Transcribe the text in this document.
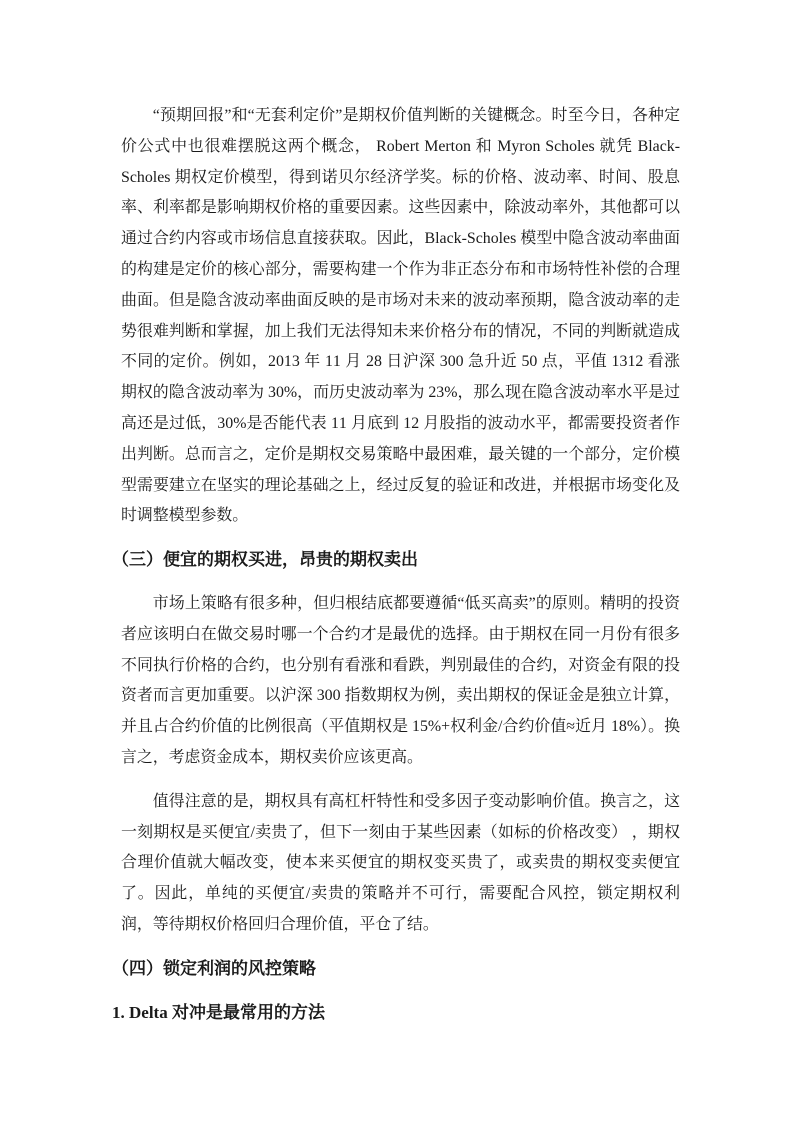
“预期回报”和“无套利定价”是期权价值判断的关键概念。时至今日，各种定价公式中也很难摆脱这两个概念， Robert Merton 和 Myron Scholes 就凭 Black-Scholes 期权定价模型，得到诺贝尔经济学奖。标的价格、波动率、时间、股息率、利率都是影响期权价格的重要因素。这些因素中，除波动率外，其他都可以通过合约内容或市场信息直接获取。因此，Black-Scholes 模型中隐含波动率曲面的构建是定价的核心部分，需要构建一个作为非正态分布和市场特性补偿的合理曲面。但是隐含波动率曲面反映的是市场对未来的波动率预期，隐含波动率的走势很难判断和掌握，加上我们无法得知未来价格分布的情况，不同的判断就造成不同的定价。例如，2013 年 11 月 28 日沪深 300 急升近 50 点，平值 1312 看涨期权的隐含波动率为 30%，而历史波动率为 23%，那么现在隐含波动率水平是过高还是过低，30%是否能代表 11 月底到 12 月股指的波动水平，都需要投资者作出判断。总而言之，定价是期权交易策略中最困难，最关键的一个部分，定价模型需要建立在坚实的理论基础之上，经过反复的验证和改进，并根据市场变化及时调整模型参数。

（三）便宜的期权买进，昂贵的期权卖出

市场上策略有很多种，但归根结底都要遵循“低买高卖”的原则。精明的投资者应该明白在做交易时哪一个合约才是最优的选择。由于期权在同一月份有很多不同执行价格的合约，也分别有看涨和看跌，判别最佳的合约，对资金有限的投资者而言更加重要。以沪深 300 指数期权为例，卖出期权的保证金是独立计算，并且占合约价值的比例很高（平值期权是 15%+权利金/合约价值≈近月 18%）。换言之，考虑资金成本，期权卖价应该更高。

值得注意的是，期权具有高杠杆特性和受多因子变动影响价值。换言之，这一刻期权是买便宜/卖贵了，但下一刻由于某些因素（如标的价格改变） ，期权合理价值就大幅改变，使本来买便宜的期权变买贵了，或卖贵的期权变卖便宜了。因此，单纯的买便宜/卖贵的策略并不可行，需要配合风控，锁定期权利润，等待期权价格回归合理价值，平仓了结。

（四）锁定利润的风控策略
1. Delta 对冲是最常用的方法
